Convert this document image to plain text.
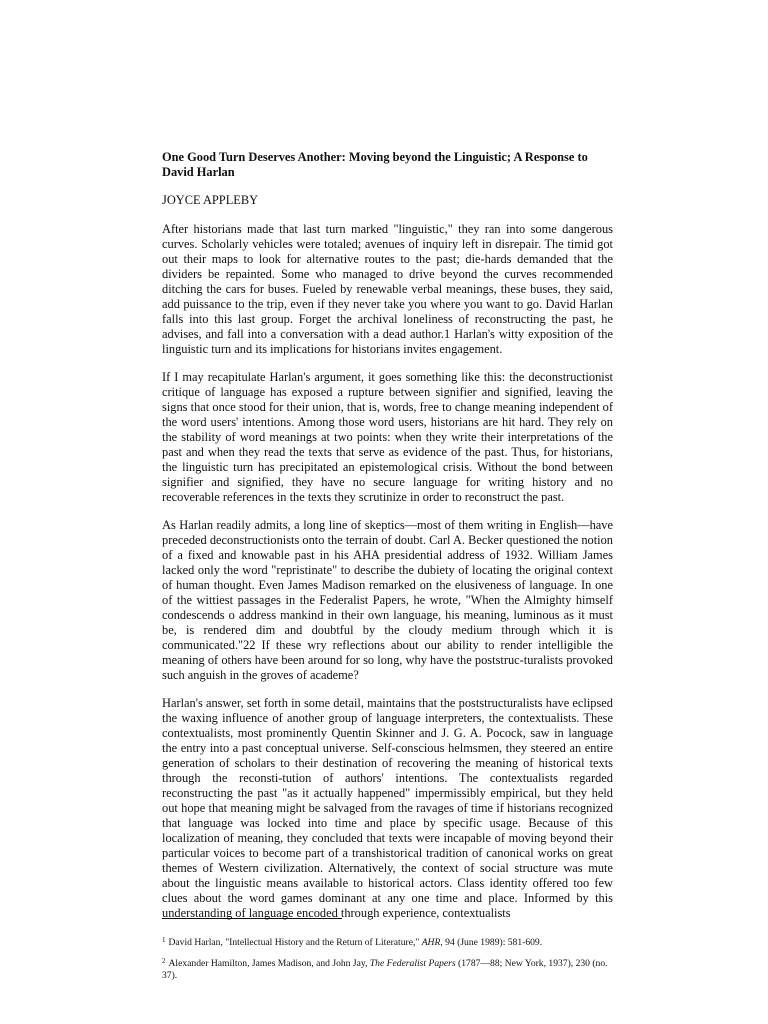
One Good Turn Deserves Another: Moving beyond the Linguistic; A Response to David Harlan
JOYCE APPLEBY

After historians made that last turn marked "linguistic," they ran into some dangerous curves. Scholarly vehicles were totaled; avenues of inquiry left in disrepair. The timid got out their maps to look for alternative routes to the past; die-hards demanded that the dividers be repainted. Some who managed to drive beyond the curves recommended ditching the cars for buses. Fueled by renewable verbal meanings, these buses, they said, add puissance to the trip, even if they never take you where you want to go. David Harlan falls into this last group. Forget the archival loneliness of reconstructing the past, he advises, and fall into a conversation with a dead author.1 Harlan's witty exposition of the linguistic turn and its implications for historians invites engagement.

If I may recapitulate Harlan's argument, it goes something like this: the deconstructionist critique of language has exposed a rupture between signifier and signified, leaving the signs that once stood for their union, that is, words, free to change meaning independent of the word users' intentions. Among those word users, historians are hit hard. They rely on the stability of word meanings at two points: when they write their interpretations of the past and when they read the texts that serve as evidence of the past. Thus, for historians, the linguistic turn has precipitated an epistemological crisis. Without the bond between signifier and signified, they have no secure language for writing history and no recoverable references in the texts they scrutinize in order to reconstruct the past.

As Harlan readily admits, a long line of skeptics—most of them writing in English—have preceded deconstructionists onto the terrain of doubt. Carl A. Becker questioned the notion of a fixed and knowable past in his AHA presidential address of 1932. William James lacked only the word "repristinate" to describe the dubiety of locating the original context of human thought. Even James Madison remarked on the elusiveness of language. In one of the wittiest passages in the Federalist Papers, he wrote, "When the Almighty himself condescends o address mankind in their own language, his meaning, luminous as it must be, is rendered dim and doubtful by the cloudy medium through which it is communicated."22 If these wry reflections about our ability to render intelligible the meaning of others have been around for so long, why have the poststruc-turalists provoked such anguish in the groves of academe?

Harlan's answer, set forth in some detail, maintains that the poststructuralists have eclipsed the waxing influence of another group of language interpreters, the contextualists. These contextualists, most prominently Quentin Skinner and J. G. A. Pocock, saw in language the entry into a past conceptual universe. Self-conscious helmsmen, they steered an entire generation of scholars to their destination of recovering the meaning of historical texts through the reconsti-tution of authors' intentions. The contextualists regarded reconstructing the past "as it actually happened" impermissibly empirical, but they held out hope that meaning might be salvaged from the ravages of time if historians recognized that language was locked into time and place by specific usage. Because of this localization of meaning, they concluded that texts were incapable of moving beyond their particular voices to become part of a transhistorical tradition of canonical works on great themes of Western civilization. Alternatively, the context of social structure was mute about the linguistic means available to historical actors. Class identity offered too few clues about the word games dominant at any one time and place. Informed by this understanding of language encoded through experience, contextualists

$^1$ David Harlan, "Intellectual History and the Return of Literature," AHR, 94 (June 1989): 581-609.
$^2$ Alexander Hamilton, James Madison, and John Jay, The Federalist Papers (1787—88; New York, 1937), 230 (no. 37).
